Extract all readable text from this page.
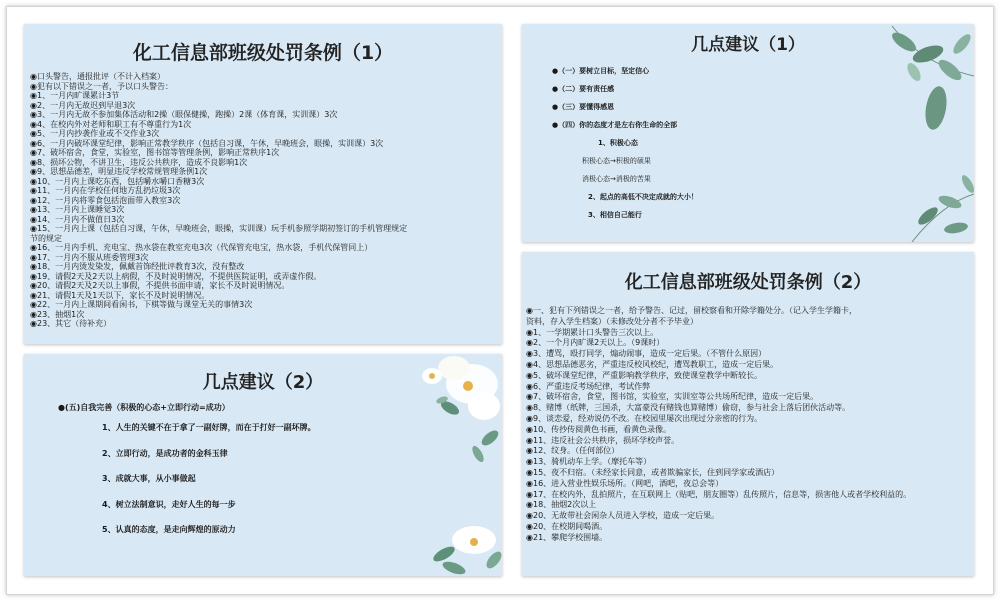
化工信息部班级处罚条例（1）
◉口头警告，通报批评（不计入档案）
◉犯有以下错误之一者，予以口头警告：
◉1、一月内旷课累计3节
◉2、一月内无故迟到早退3次
◉3、一月内无故不参加集体活动和2操（眼保健操，跑操）2课（体育课，实训课）3次
◉4、在校内外对老师和职工有不尊重行为1次
◉5、一月内抄袭作业或不交作业3次
◉6、一月内破坏课堂纪律，影响正常教学秩序（包括自习课，午休，早晚班会，眼操，实训课）3次
◉7、破坏宿舍，食堂，实验室，图书馆等管理条例，影响正常秩序1次
◉8、损坏公物，不讲卫生，违反公共秩序，造成不良影响1次
◉9、思想品德差，明显违反学校常规管理条例1次
◉10、一月内上课吃东西，包括嚼水嚼口香糖3次
◉11、一月内在学校任何地方乱扔垃圾3次
◉12、一月内将零食包括泡面带入教室3次
◉13、一月内上课睡觉3次
◉14、一月内不做值日3次
◉15、一月内上课（包括自习课，午休，早晚班会，眼操，实训课）玩手机参照学期初签订的手机管理规定
节的规定
◉16、一月内手机、充电宝、热水袋在教室充电3次（代保管充电宝，热水袋，手机代保管同上）
◉17、一月内不服从班委管理3次
◉18、一月内烫发染发，佩戴首饰经批评教育3次，没有整改
◉19、请假2天及2天以上病假，不及时说明情况，不提供医院证明，或弄虚作假。
◉20、请假2天及2天以上事假，不提供书面申请，家长不及时说明情况。
◉21、请假1天及1天以下，家长不及时说明情况。
◉22、一月内上课期间看闲书，下棋等做与课堂无关的事情3次
◉23、抽烟1次
◉23、其它（待补充）
几点建议（2）
●(五)自我完善（积极的心态+立即行动=成功）
1、人生的关键不在于拿了一副好牌，而在于打好一副坏牌。
2、立即行动，是成功者的金科玉律
3、成就大事，从小事做起
4、树立法制意识，走好人生的每一步
5、认真的态度，是走向辉煌的原动力
几点建议（1）
●（一）要树立目标，坚定信心
●（二）要有责任感
●（三）要懂得感恩
●（四）你的态度才是左右你生命的全部
1、积极心态
积极心态→积极的硕果
消极心态→消极的苦果
2、起点的高低不决定成就的大小！
3、相信自己能行
化工信息部班级处罚条例（2）
◉一、犯有下列错误之一者，给予警告、记过，留校察看和开除学籍处分。（记入学生学籍卡，
资料，存入学生档案）（未修改处分者不予毕业）
◉1、一学期累计口头警告三次以上。
◉2、一个月内旷课2天以上。（9课时）
◉3、遭骂，殴打同学，煽动闹事，造成一定后果。（不管什么原因）
◉4、思想品德恶劣，严重违反校风校纪，遭骂教职工，造成一定后果。
◉5、破坏课堂纪律，严重影响教学秩序，致使课堂教学中断较长。
◉6、严重违反考场纪律，考试作弊
◉7、破坏宿舍，食堂，图书馆，实验室，实训室等公共场所纪律，造成一定后果。
◉8、赌博（纸牌，三国杀，大富豪没有赌钱也算赌博）偷窃，参与社会上落后团伙活动等。
◉9、谈恋爱，经劝说仍不改。在校园里屡次出现过分亲密的行为。
◉10、传抄传阅黄色书画，看黄色录像。
◉11、违反社会公共秩序，损坏学校声誉。
◉12、纹身。（任何部位）
◉13、骑机动车上学。（摩托车等）
◉15、夜不归宿。（未经家长同意，或者欺骗家长，住到同学家或酒店）
◉16、进入营业性娱乐场所。（网吧，酒吧，夜总会等）
◉17、在校内外，乱拍照片，在互联网上（贴吧，朋友圈等）乱传照片，信息等，损害他人或者学校利益的。
◉18、抽烟2次以上
◉20、无故带社会闲杂人员进入学校，造成一定后果。
◉20、在校期间喝酒。
◉21、攀爬学校围墙。
